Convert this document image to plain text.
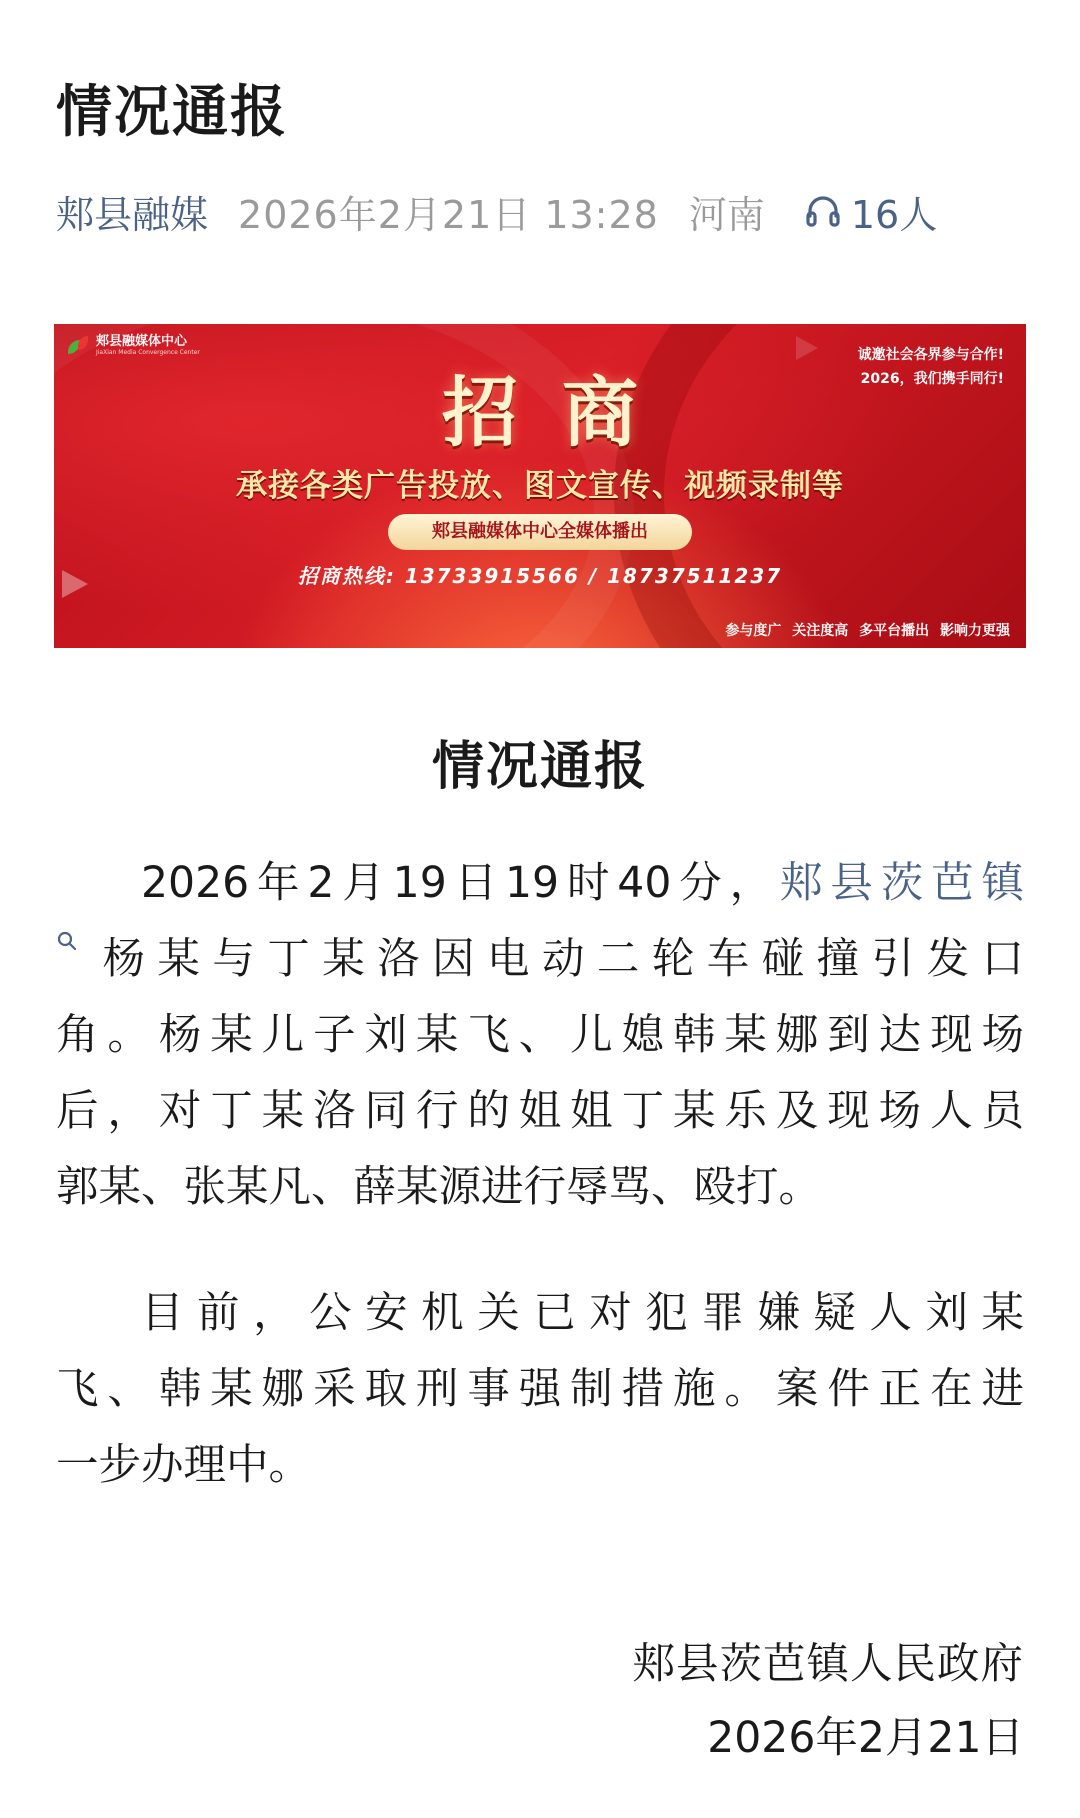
情况通报
郏县融媒 2026年2月21日 13:28 河南 16人
郏县融媒体中心
JiaXian Media Convergence Center	诚邀社会各界参与合作!
2026，我们携手同行!
招商
承接各类广告投放、图文宣传、视频录制等
郏县融媒体中心全媒体播出
招商热线: 13733915566 / 18737511237
参与度广 关注度高 多平台播出 影响力更强
情况通报
2026年2月19日19时40分，郏县茨芭镇
杨某与丁某洛因电动二轮车碰撞引发口
角。杨某儿子刘某飞、儿媳韩某娜到达现场
后，对丁某洛同行的姐姐丁某乐及现场人员
郭某、张某凡、薛某源进行辱骂、殴打。
目前，公安机关已对犯罪嫌疑人刘某
飞、韩某娜采取刑事强制措施。案件正在进
一步办理中。
郏县茨芭镇人民政府
2026年2月21日
